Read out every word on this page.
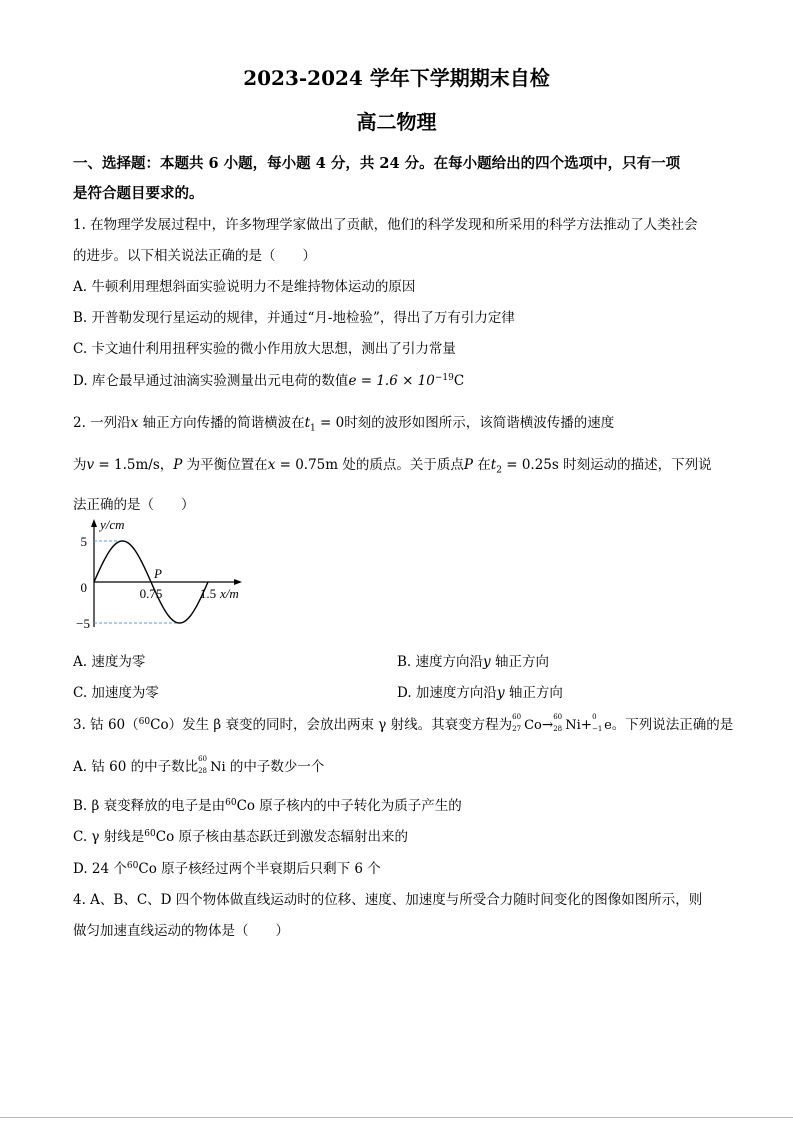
2023-2024 学年下学期期末自检
高二物理
一、选择题：本题共 6 小题，每小题 4 分，共 24 分。在每小题给出的四个选项中，只有一项
是符合题目要求的。
1. 在物理学发展过程中，许多物理学家做出了贡献，他们的科学发现和所采用的科学方法推动了人类社会
的进步。以下相关说法正确的是（　　）
A. 牛顿利用理想斜面实验说明力不是维持物体运动的原因
B. 开普勒发现行星运动的规律，并通过“月-地检验”，得出了万有引力定律
C. 卡文迪什利用扭秤实验的微小作用放大思想，测出了引力常量
D. 库仑最早通过油滴实验测量出元电荷的数值$e = 1.6 \times 10^{-19}C$
2. 一列沿x 轴正方向传播的简谐横波在$t_1 = 0$时刻的波形如图所示，该简谐横波传播的速度
为v = 1.5m/s，P 为平衡位置在x = 0.75m 处的质点。关于质点P 在$t_2 = 0.25s$ 时刻运动的描述，下列说
法正确的是（　　）
5
0
−5
0.75	1.5
P
x/m
y/cm
A. 速度为零	B. 速度方向沿y 轴正方向
C. 加速度为零	D. 加速度方向沿y 轴正方向
3. 钴 60（$^{60}$Co）发生 β 衰变的同时，会放出两束 γ 射线。其衰变方程为 60
27 Co→ 60
28 Ni+ 0
−1 e。下列说法正确的是
A. 钴 60 的中子数比 60
28 Ni 的中子数少一个
B. β 衰变释放的电子是由$^{60}$Co 原子核内的中子转化为质子产生的
C. γ 射线是$^{60}$Co 原子核由基态跃迁到激发态辐射出来的
D. 24 个$^{60}$Co 原子核经过两个半衰期后只剩下 6 个
4. A、B、C、D 四个物体做直线运动时的位移、速度、加速度与所受合力随时间变化的图像如图所示，则
做匀加速直线运动的物体是（　　）
